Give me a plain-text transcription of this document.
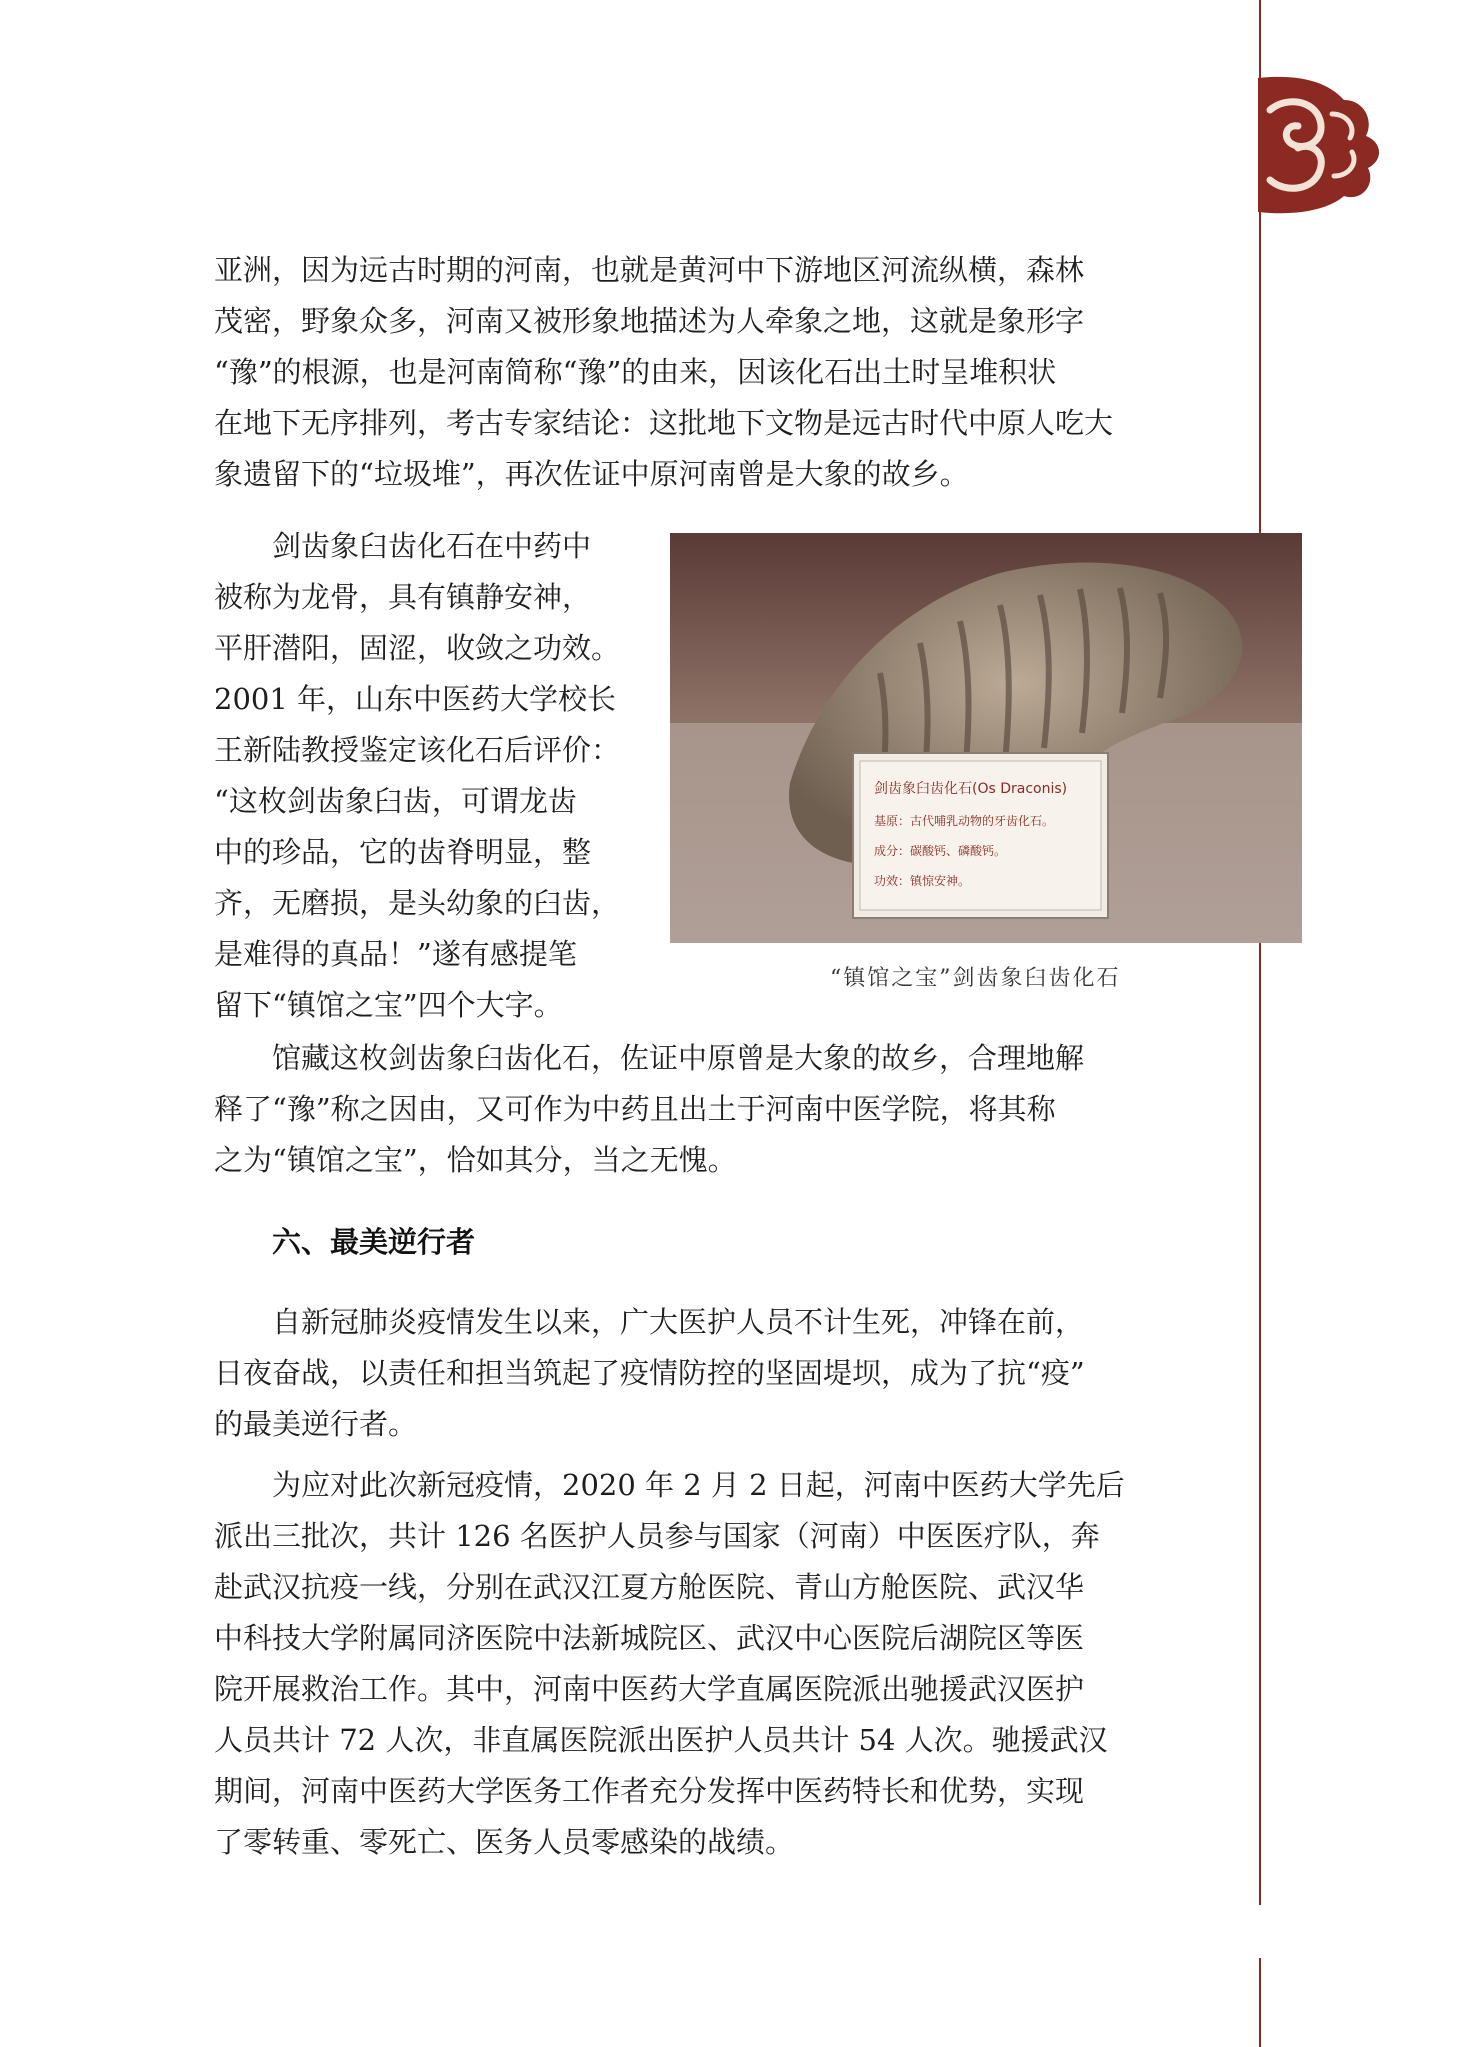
亚洲，因为远古时期的河南，也就是黄河中下游地区河流纵横，森林

茂密，野象众多，河南又被形象地描述为人牵象之地，这就是象形字

“豫”的根源，也是河南简称“豫”的由来，因该化石出土时呈堆积状

在地下无序排列，考古专家结论：这批地下文物是远古时代中原人吃大

象遗留下的“垃圾堆”，再次佐证中原河南曾是大象的故乡。

剑齿象臼齿化石在中药中

被称为龙骨，具有镇静安神，

平肝潜阳，固涩，收敛之功效。

2001 年，山东中医药大学校长

王新陆教授鉴定该化石后评价：

“这枚剑齿象臼齿，可谓龙齿

中的珍品，它的齿脊明显，整

齐，无磨损，是头幼象的臼齿，

是难得的真品！”遂有感提笔

留下“镇馆之宝”四个大字。

剑齿象臼齿化石(Os Draconis)
基原：古代哺乳动物的牙齿化石。
成分：碳酸钙、磷酸钙。
功效：镇惊安神。
“镇馆之宝”剑齿象臼齿化石

馆藏这枚剑齿象臼齿化石，佐证中原曾是大象的故乡，合理地解

释了“豫”称之因由，又可作为中药且出土于河南中医学院，将其称

之为“镇馆之宝”，恰如其分，当之无愧。

六、最美逆行者

自新冠肺炎疫情发生以来，广大医护人员不计生死，冲锋在前，

日夜奋战，以责任和担当筑起了疫情防控的坚固堤坝，成为了抗“疫”

的最美逆行者。

为应对此次新冠疫情，2020 年 2 月 2 日起，河南中医药大学先后

派出三批次，共计 126 名医护人员参与国家（河南）中医医疗队，奔

赴武汉抗疫一线，分别在武汉江夏方舱医院、青山方舱医院、武汉华

中科技大学附属同济医院中法新城院区、武汉中心医院后湖院区等医

院开展救治工作。其中，河南中医药大学直属医院派出驰援武汉医护

人员共计 72 人次，非直属医院派出医护人员共计 54 人次。驰援武汉

期间，河南中医药大学医务工作者充分发挥中医药特长和优势，实现

了零转重、零死亡、医务人员零感染的战绩。
